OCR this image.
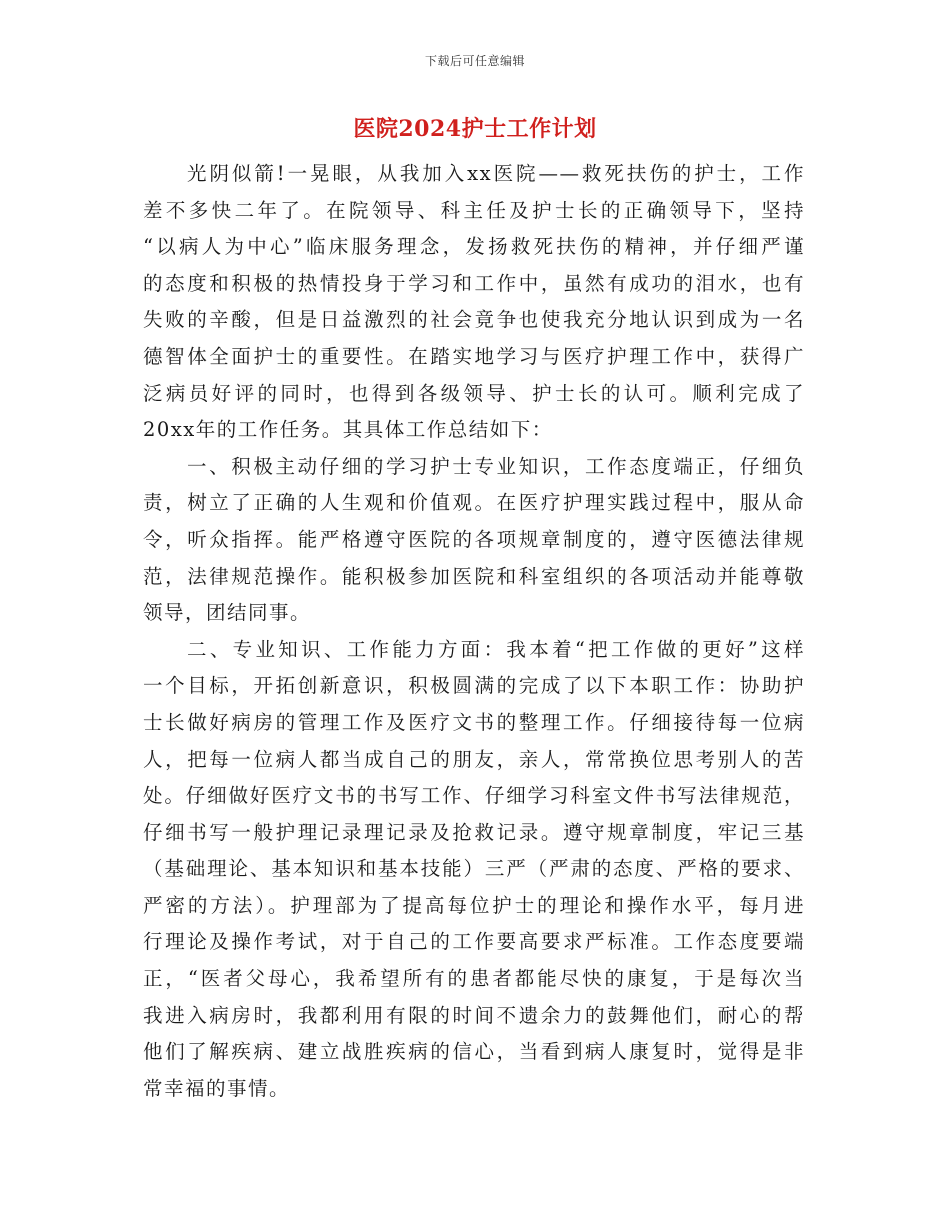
下载后可任意编辑
医院2024护士工作计划
光阴似箭!一晃眼，从我加入xx医院——救死扶伤的护士，工作
差不多快二年了。在院领导、科主任及护士长的正确领导下，坚持
“以病人为中心”临床服务理念，发扬救死扶伤的精神，并仔细严谨
的态度和积极的热情投身于学习和工作中，虽然有成功的泪水，也有
失败的辛酸，但是日益激烈的社会竟争也使我充分地认识到成为一名
德智体全面护士的重要性。在踏实地学习与医疗护理工作中，获得广
泛病员好评的同时，也得到各级领导、护士长的认可。顺利完成了
20xx年的工作任务。其具体工作总结如下：
一、积极主动仔细的学习护士专业知识，工作态度端正，仔细负
责，树立了正确的人生观和价值观。在医疗护理实践过程中，服从命
令，听众指挥。能严格遵守医院的各项规章制度的，遵守医德法律规
范，法律规范操作。能积极参加医院和科室组织的各项活动并能尊敬
领导，团结同事。
二、专业知识、工作能力方面：我本着“把工作做的更好”这样
一个目标，开拓创新意识，积极圆满的完成了以下本职工作：协助护
士长做好病房的管理工作及医疗文书的整理工作。仔细接待每一位病
人，把每一位病人都当成自己的朋友，亲人，常常换位思考别人的苦
处。仔细做好医疗文书的书写工作、仔细学习科室文件书写法律规范，
仔细书写一般护理记录理记录及抢救记录。遵守规章制度，牢记三基
（基础理论、基本知识和基本技能）三严（严肃的态度、严格的要求、
严密的方法）。护理部为了提高每位护士的理论和操作水平，每月进
行理论及操作考试，对于自己的工作要高要求严标准。工作态度要端
正，“医者父母心，我希望所有的患者都能尽快的康复，于是每次当
我进入病房时，我都利用有限的时间不遗余力的鼓舞他们，耐心的帮
他们了解疾病、建立战胜疾病的信心，当看到病人康复时，觉得是非
常幸福的事情。
